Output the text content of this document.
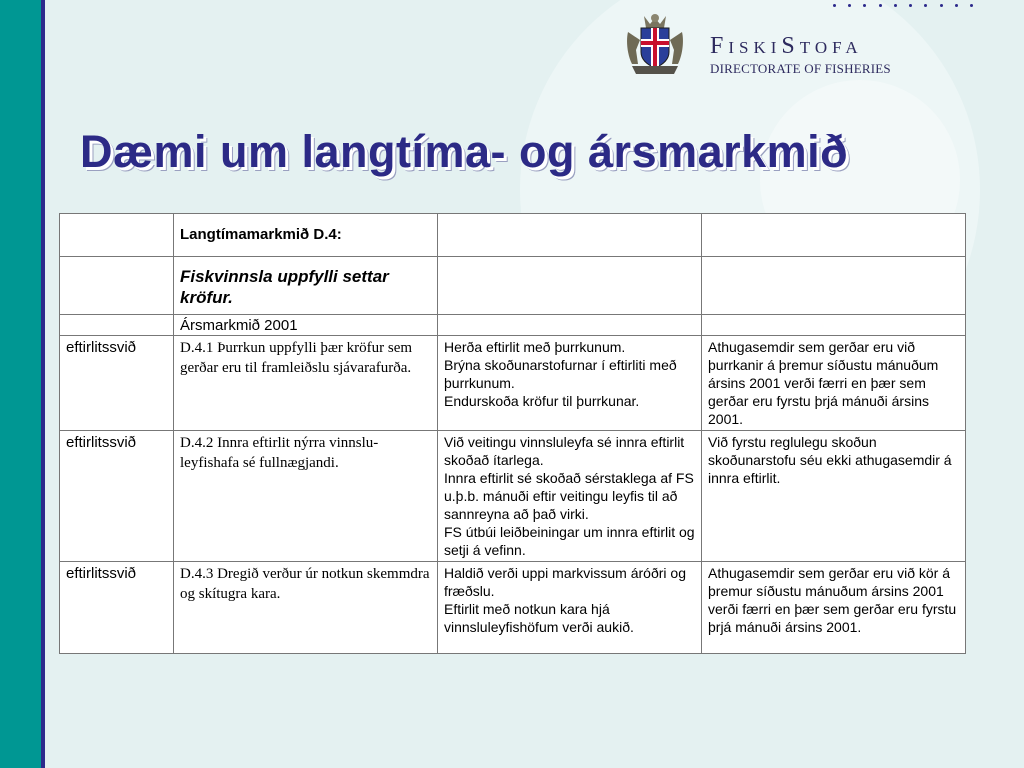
FISKISTOFA
DIRECTORATE OF FISHERIES
Dæmi um langtíma- og ársmarkmið
	Langtímamarkmið D.4:		
	Fiskvinnsla uppfylli settar kröfur.		
	Ársmarkmið 2001		
eftirlitssvið	D.4.1 Þurrkun uppfylli þær kröfur sem gerðar eru til framleiðslu sjávarafurða.	Herða eftirlit með þurrkunum.
Brýna skoðunarstofurnar í eftirliti með þurrkunum.
Endurskoða kröfur til þurrkunar.	Athugasemdir sem gerðar eru við þurrkanir á þremur síðustu mánuðum ársins 2001 verði færri en þær sem gerðar eru fyrstu þrjá mánuði ársins 2001.
eftirlitssvið	D.4.2 Innra eftirlit nýrra vinnslu-leyfishafa sé fullnægjandi.	Við veitingu vinnsluleyfa sé innra eftirlit skoðað ítarlega.
Innra eftirlit sé skoðað sérstaklega af FS u.þ.b. mánuði eftir veitingu leyfis til að sannreyna að það virki.
FS útbúi leiðbeiningar um innra eftirlit og setji á vefinn.	Við fyrstu reglulegu skoðun skoðunarstofu séu ekki athugasemdir á innra eftirlit.
eftirlitssvið	D.4.3 Dregið verður úr notkun skemmdra og skítugra kara.	Haldið verði uppi markvissum áróðri og fræðslu.
Eftirlit með notkun kara hjá vinnsluleyfishöfum verði aukið.	Athugasemdir sem gerðar eru við kör á þremur síðustu mánuðum ársins 2001 verði færri en þær sem gerðar eru fyrstu þrjá mánuði ársins 2001.
